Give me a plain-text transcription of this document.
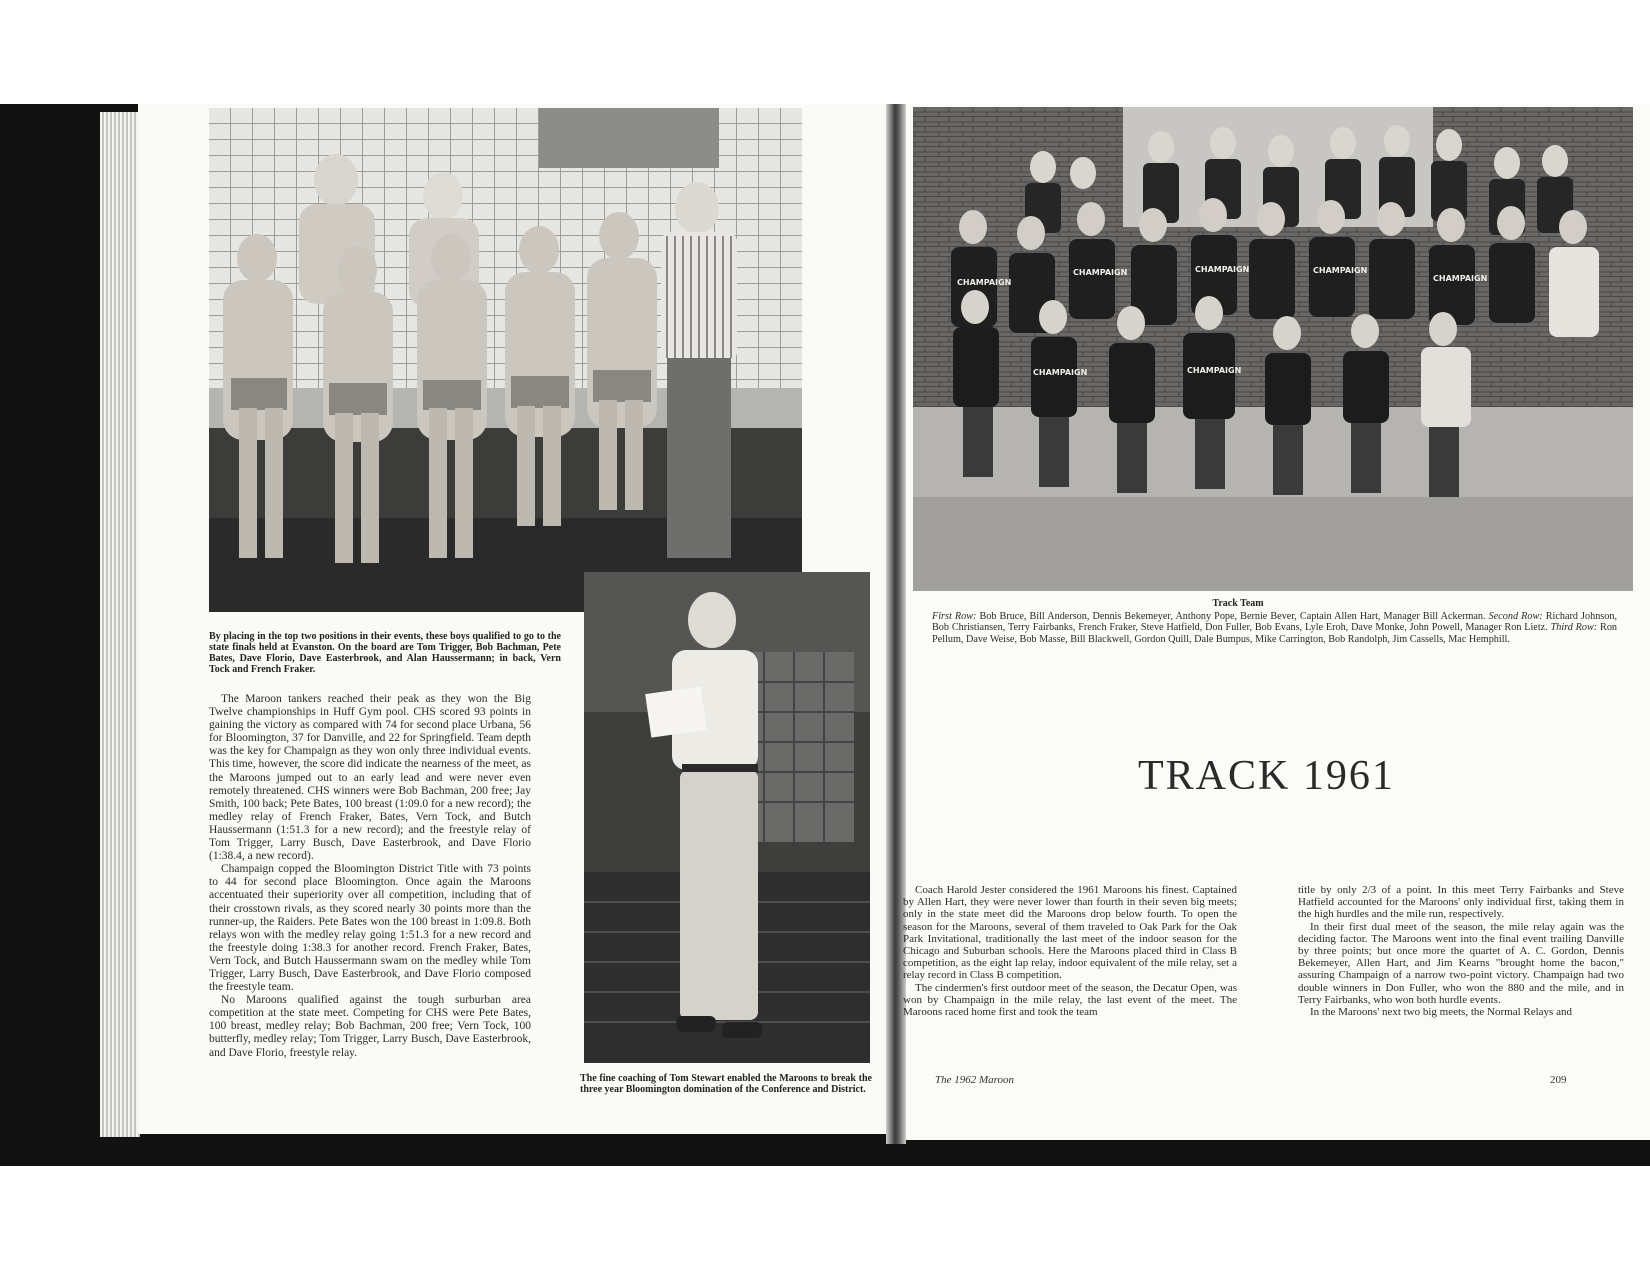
By placing in the top two positions in their events, these boys qualified to go to the state finals held at Evanston. On the board are Tom Trigger, Bob Bachman, Pete Bates, Dave Florio, Dave Easterbrook, and Alan Haussermann; in back, Vern Tock and French Fraker.

The Maroon tankers reached their peak as they won the Big Twelve championships in Huff Gym pool. CHS scored 93 points in gaining the victory as compared with 74 for second place Urbana, 56 for Bloomington, 37 for Danville, and 22 for Springfield. Team depth was the key for Champaign as they won only three individual events. This time, however, the score did indicate the nearness of the meet, as the Maroons jumped out to an early lead and were never even remotely threatened. CHS winners were Bob Bachman, 200 free; Jay Smith, 100 back; Pete Bates, 100 breast (1:09.0 for a new record); the medley relay of French Fraker, Bates, Vern Tock, and Butch Haussermann (1:51.3 for a new record); and the freestyle relay of Tom Trigger, Larry Busch, Dave Easterbrook, and Dave Florio (1:38.4, a new record).

Champaign copped the Bloomington District Title with 73 points to 44 for second place Bloomington. Once again the Maroons accentuated their superiority over all competition, including that of their crosstown rivals, as they scored nearly 30 points more than the runner-up, the Raiders. Pete Bates won the 100 breast in 1:09.8. Both relays won with the medley relay going 1:51.3 for a new record and the freestyle doing 1:38.3 for another record. French Fraker, Bates, Vern Tock, and Butch Haussermann swam on the medley while Tom Trigger, Larry Busch, Dave Easterbrook, and Dave Florio composed the freestyle team.

No Maroons qualified against the tough surburban area competition at the state meet. Competing for CHS were Pete Bates, 100 breast, medley relay; Bob Bachman, 200 free; Vern Tock, 100 butterfly, medley relay; Tom Trigger, Larry Busch, Dave Easterbrook, and Dave Florio, freestyle relay.

The fine coaching of Tom Stewart enabled the Maroons to break the three year Bloomington domination of the Conference and District.
CHAMPAIGN
CHAMPAIGN	CHAMPAIGN	CHAMPAIGN
CHAMPAIGN
CHAMPAIGN	CHAMPAIGN
Track Team
First Row: Bob Bruce, Bill Anderson, Dennis Bekemeyer, Anthony Pope, Bernie Bever, Captain Allen Hart, Manager Bill Ackerman. Second Row: Richard Johnson, Bob Christiansen, Terry Fairbanks, French Fraker, Steve Hatfield, Don Fuller, Bob Evans, Lyle Eroh, Dave Monke, John Powell, Manager Ron Lietz. Third Row: Ron Pellum, Dave Weise, Bob Masse, Bill Blackwell, Gordon Quill, Dale Bumpus, Mike Carrington, Bob Randolph, Jim Cassells, Mac Hemphill.
TRACK 1961

Coach Harold Jester considered the 1961 Maroons his finest. Captained by Allen Hart, they were never lower than fourth in their seven big meets; only in the state meet did the Maroons drop below fourth. To open the season for the Maroons, several of them traveled to Oak Park for the Oak Park Invitational, traditionally the last meet of the indoor season for the Chicago and Suburban schools. Here the Maroons placed third in Class B competition, as the eight lap relay, indoor equivalent of the mile relay, set a relay record in Class B competition.

The cindermen's first outdoor meet of the season, the Decatur Open, was won by Champaign in the mile relay, the last event of the meet. The Maroons raced home first and took the team

title by only 2/3 of a point. In this meet Terry Fairbanks and Steve Hatfield accounted for the Maroons' only individual first, taking them in the high hurdles and the mile run, respectively.

In their first dual meet of the season, the mile relay again was the deciding factor. The Maroons went into the final event trailing Danville by three points; but once more the quartet of A. C. Gordon, Dennis Bekemeyer, Allen Hart, and Jim Kearns "brought home the bacon," assuring Champaign of a narrow two-point victory. Champaign had two double winners in Don Fuller, who won the 880 and the mile, and in Terry Fairbanks, who won both hurdle events.

In the Maroons' next two big meets, the Normal Relays and

The 1962 Maroon	209
